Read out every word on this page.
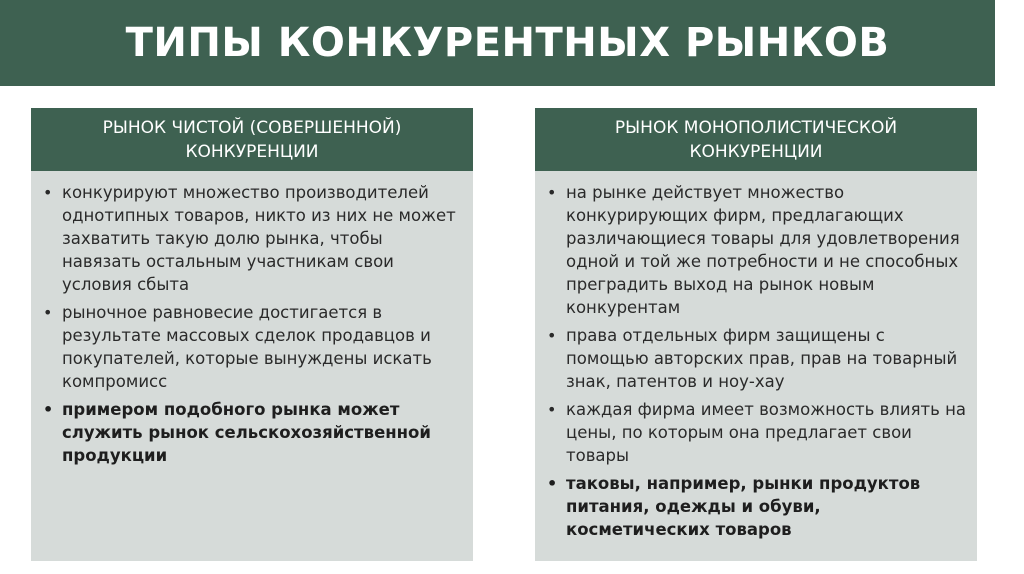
ТИПЫ КОНКУРЕНТНЫХ РЫНКОВ
РЫНОК ЧИСТОЙ (СОВЕРШЕННОЙ)
КОНКУРЕНЦИИ
• конкурируют множество производителей однотипных товаров, никто из них не может захватить такую долю рынка, чтобы навязать остальным участникам свои условия сбыта
• рыночное равновесие достигается в результате массовых сделок продавцов и покупателей, которые вынуждены искать компромисс
• примером подобного рынка может служить рынок сельскохозяйственной продукции
РЫНОК МОНОПОЛИСТИЧЕСКОЙ
КОНКУРЕНЦИИ
• на рынке действует множество конкурирующих фирм, предлагающих различающиеся товары для удовлетворения одной и той же потребности и не способных преградить выход на рынок новым конкурентам
• права отдельных фирм защищены с помощью авторских прав, прав на товарный знак, патентов и ноу-хау
• каждая фирма имеет возможность влиять на цены, по которым она предлагает свои товары
• таковы, например, рынки продуктов питания, одежды и обуви, косметических товаров
